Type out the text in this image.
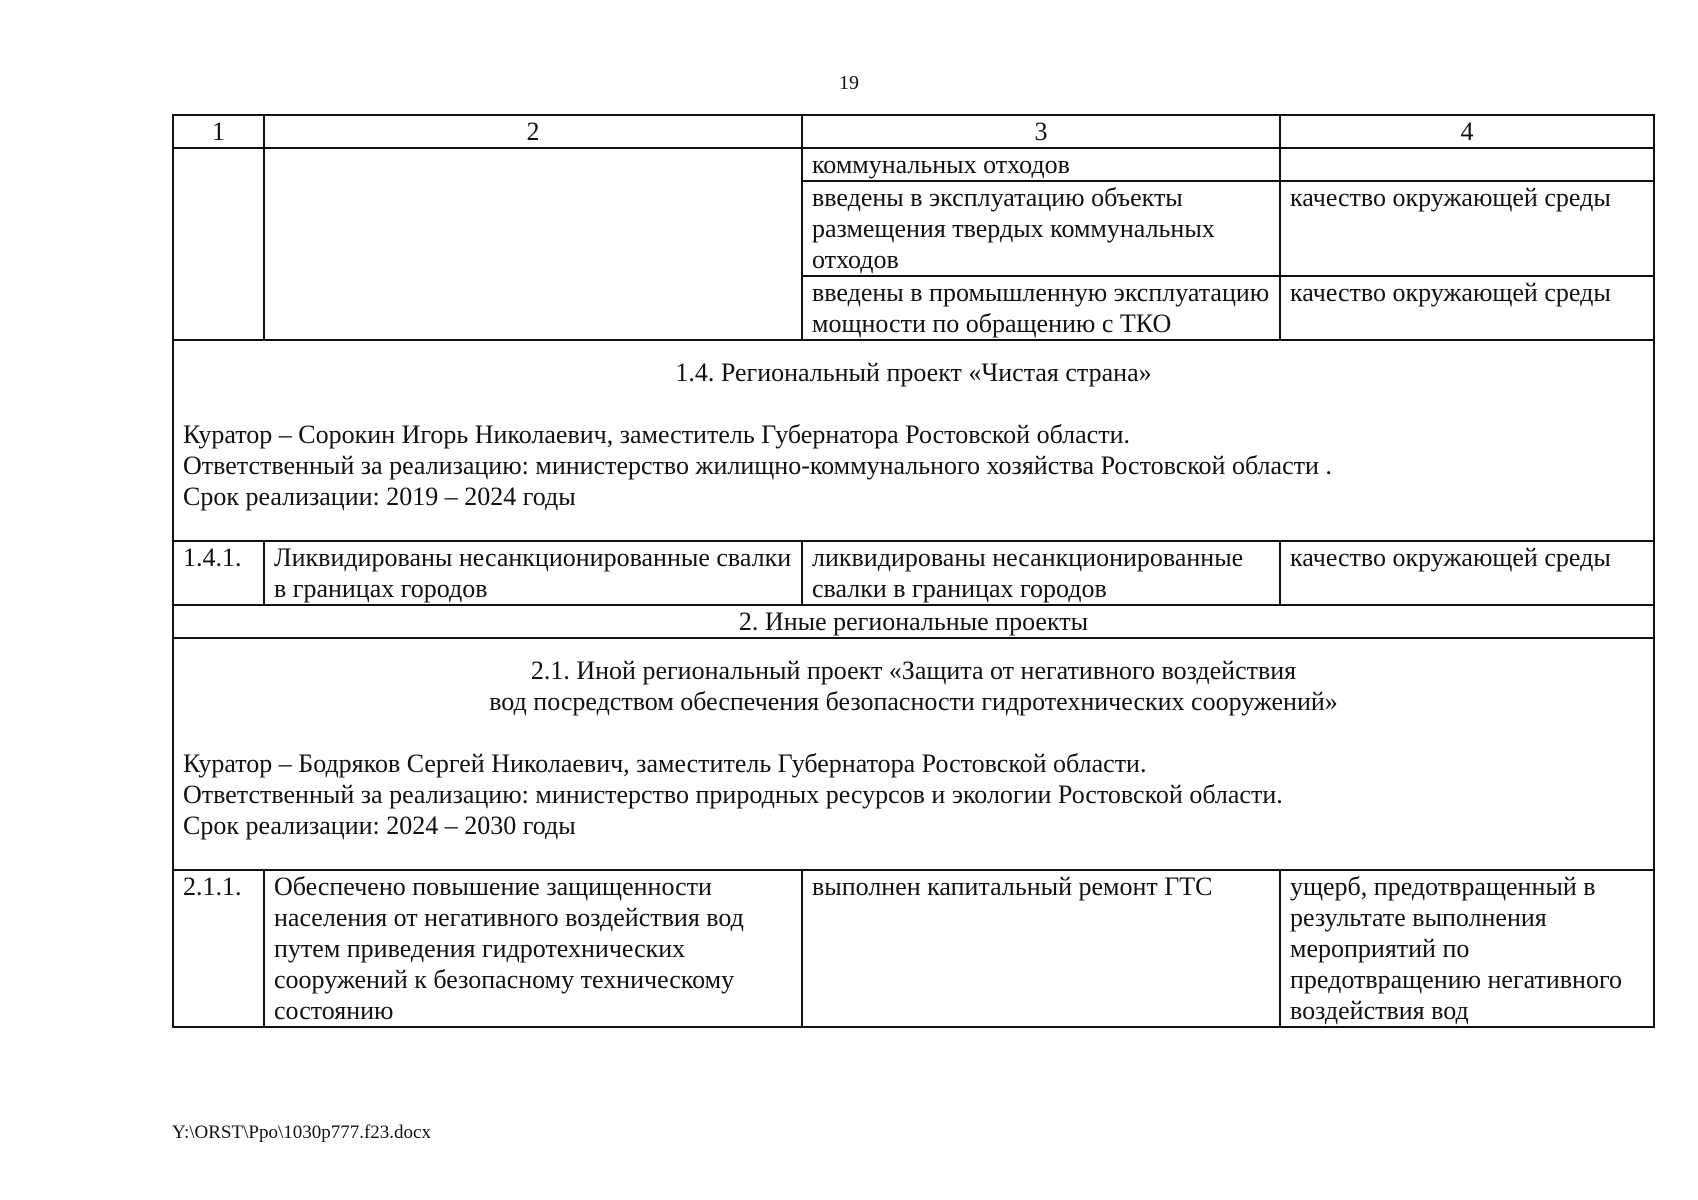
19
1	2	3	4
		коммунальных отходов	
		введены в эксплуатацию объекты размещения твердых коммунальных отходов	качество окружающей среды
		введены в промышленную эксплуатацию мощности по обращению с ТКО	качество окружающей среды

1.4. Региональный проект «Чистая страна»
Куратор – Сорокин Игорь Николаевич, заместитель Губернатора Ростовской области.
Ответственный за реализацию: министерство жилищно-коммунального хозяйства Ростовской области .
Срок реализации: 2019 – 2024 годы			

1.4.1.	Ликвидированы несанкционированные свалки в границах городов	ликвидированы несанкционированные свалки в границах городов	качество окружающей среды
2. Иные региональные проекты			

2.1. Иной региональный проект «Защита от негативного воздействия
вод посредством обеспечения безопасности гидротехнических сооружений»
Куратор – Бодряков Сергей Николаевич, заместитель Губернатора Ростовской области.
Ответственный за реализацию: министерство природных ресурсов и экологии Ростовской области.
Срок реализации: 2024 – 2030 годы			

2.1.1.	Обеспечено повышение защищенности населения от негативного воздействия вод путем приведения гидротехнических сооружений к безопасному техническому состоянию	выполнен капитальный ремонт ГТС	ущерб, предотвращенный в результате выполнения мероприятий по предотвращению негативного воздействия вод
Y:\ORST\Ppo\1030p777.f23.docx
